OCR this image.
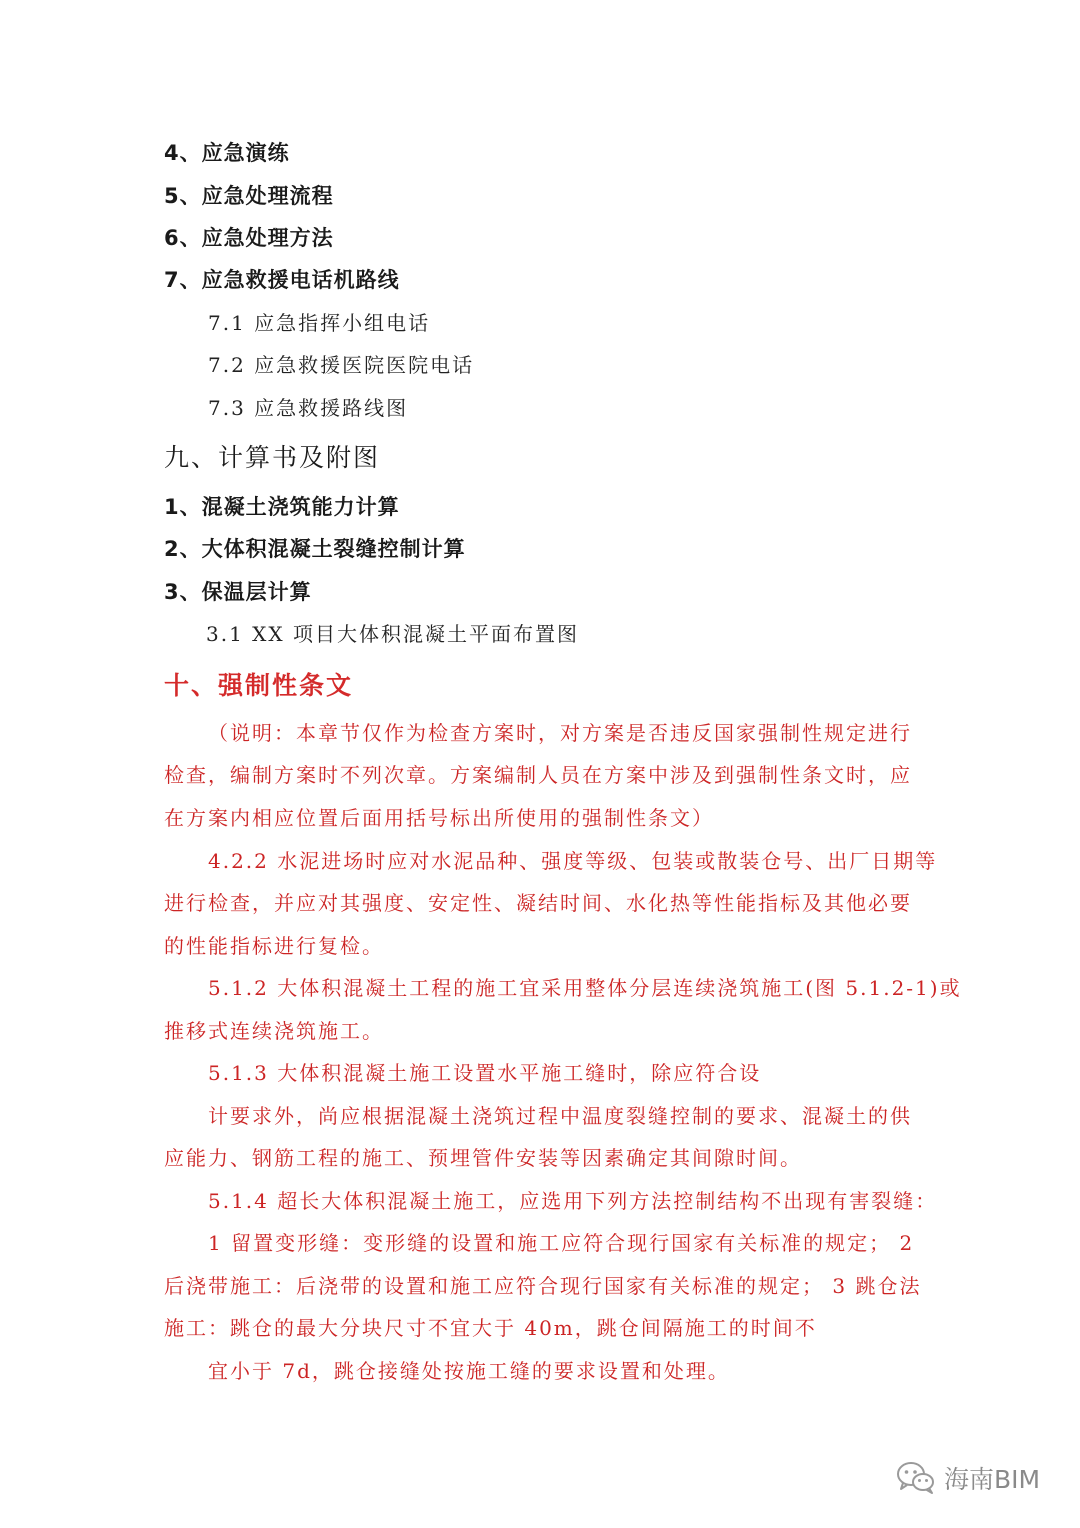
4、应急演练
5、应急处理流程
6、应急处理方法
7、应急救援电话机路线
7.1 应急指挥小组电话
7.2 应急救援医院医院电话
7.3 应急救援路线图
九、计算书及附图
1、混凝土浇筑能力计算
2、大体积混凝土裂缝控制计算
3、保温层计算
3.1 XX 项目大体积混凝土平面布置图
十、强制性条文
（说明：本章节仅作为检查方案时，对方案是否违反国家强制性规定进行
检查，编制方案时不列次章。方案编制人员在方案中涉及到强制性条文时，应
在方案内相应位置后面用括号标出所使用的强制性条文）
4.2.2 水泥进场时应对水泥品种、强度等级、包装或散装仓号、出厂日期等
进行检查，并应对其强度、安定性、凝结时间、水化热等性能指标及其他必要
的性能指标进行复检。
5.1.2 大体积混凝土工程的施工宜采用整体分层连续浇筑施工(图 5.1.2-1)或
推移式连续浇筑施工。
5.1.3 大体积混凝土施工设置水平施工缝时，除应符合设
计要求外，尚应根据混凝土浇筑过程中温度裂缝控制的要求、混凝土的供
应能力、钢筋工程的施工、预埋管件安装等因素确定其间隙时间。
5.1.4 超长大体积混凝土施工，应选用下列方法控制结构不出现有害裂缝：
1 留置变形缝：变形缝的设置和施工应符合现行国家有关标准的规定； 2
后浇带施工：后浇带的设置和施工应符合现行国家有关标准的规定； 3 跳仓法
施工：跳仓的最大分块尺寸不宜大于 40m，跳仓间隔施工的时间不
宜小于 7d，跳仓接缝处按施工缝的要求设置和处理。
海南BIM
